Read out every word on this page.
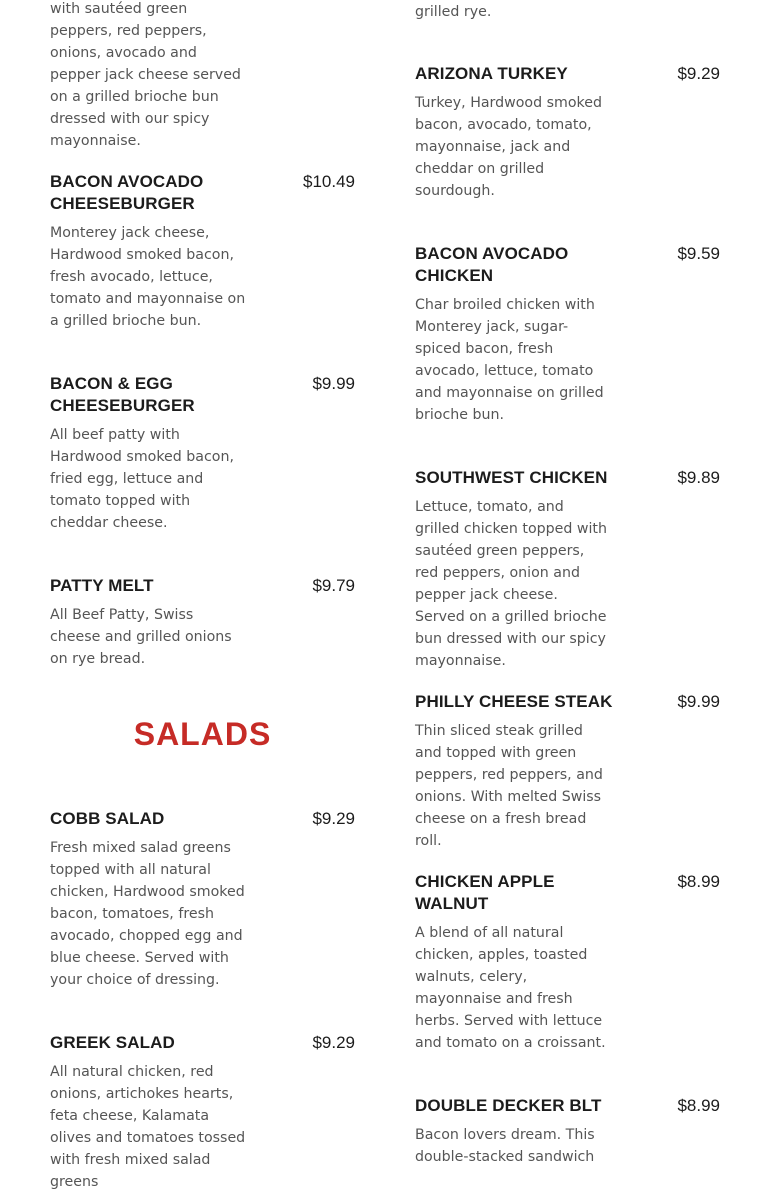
with sautéed green peppers, red peppers, onions, avocado and pepper jack cheese served on a grilled brioche bun dressed with our spicy mayonnaise.
BACON AVOCADO CHEESEBURGER
$10.49
Monterey jack cheese, Hardwood smoked bacon, fresh avocado, lettuce, tomato and mayonnaise on a grilled brioche bun.
BACON & EGG CHEESEBURGER
$9.99
All beef patty with Hardwood smoked bacon, fried egg, lettuce and tomato topped with cheddar cheese.
PATTY MELT	$9.79
All Beef Patty, Swiss cheese and grilled onions on rye bread.
SALADS
COBB SALAD	$9.29
Fresh mixed salad greens topped with all natural chicken, Hardwood smoked bacon, tomatoes, fresh avocado, chopped egg and blue cheese. Served with your choice of dressing.
GREEK SALAD	$9.29
All natural chicken, red onions, artichokes hearts, feta cheese, Kalamata olives and tomatoes tossed with fresh mixed salad greens
grilled rye.
ARIZONA TURKEY	$9.29
Turkey, Hardwood smoked bacon, avocado, tomato, mayonnaise, jack and cheddar on grilled sourdough.
BACON AVOCADO CHICKEN
$9.59
Char broiled chicken with Monterey jack, sugar-spiced bacon, fresh avocado, lettuce, tomato and mayonnaise on grilled brioche bun.
SOUTHWEST CHICKEN	$9.89
Lettuce, tomato, and grilled chicken topped with sautéed green peppers, red peppers, onion and pepper jack cheese. Served on a grilled brioche bun dressed with our spicy mayonnaise.
PHILLY CHEESE STEAK	$9.99
Thin sliced steak grilled and topped with green peppers, red peppers, and onions. With melted Swiss cheese on a fresh bread roll.
CHICKEN APPLE WALNUT
$8.99
A blend of all natural chicken, apples, toasted walnuts, celery, mayonnaise and fresh herbs. Served with lettuce and tomato on a croissant.
DOUBLE DECKER BLT	$8.99
Bacon lovers dream. This double-stacked sandwich
